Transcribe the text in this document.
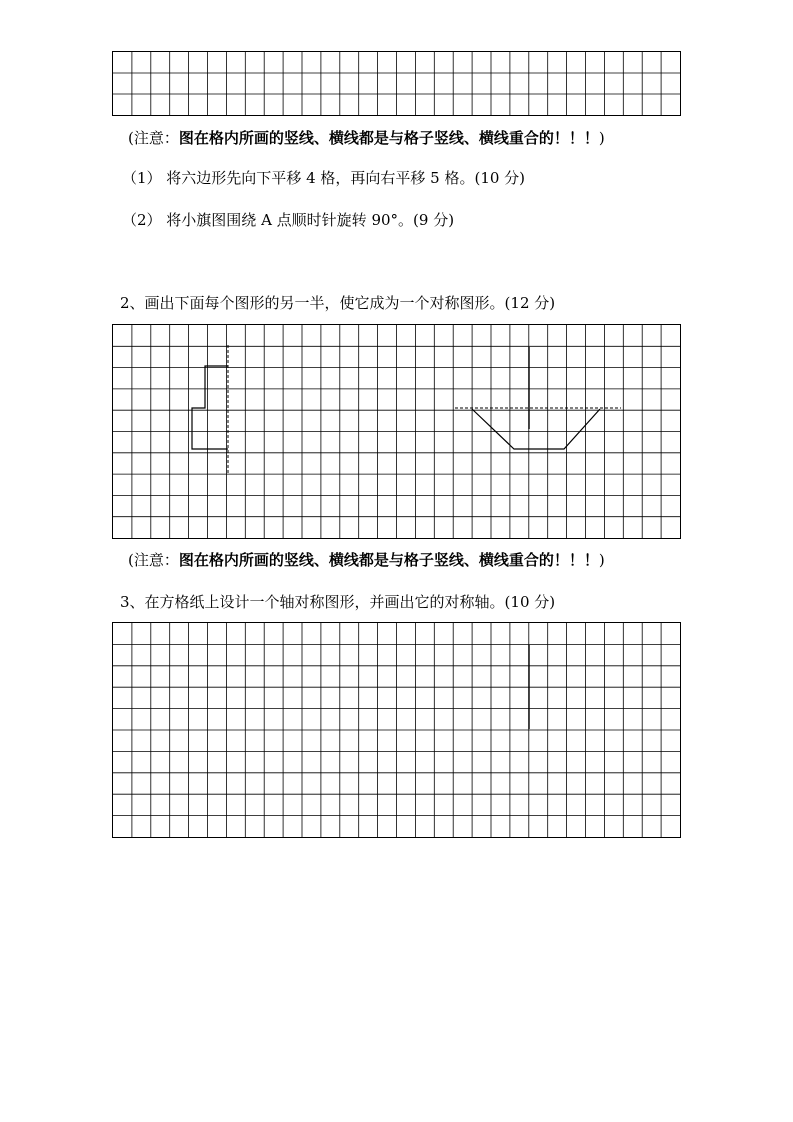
(注意：图在格内所画的竖线、横线都是与格子竖线、横线重合的！！！)
（1） 将六边形先向下平移 4 格，再向右平移 5 格。(10 分)
（2） 将小旗图围绕 A 点顺时针旋转 90°。(9 分)
2、画出下面每个图形的另一半，使它成为一个对称图形。(12 分)
(注意：图在格内所画的竖线、横线都是与格子竖线、横线重合的！！！)
3、在方格纸上设计一个轴对称图形，并画出它的对称轴。(10 分)
